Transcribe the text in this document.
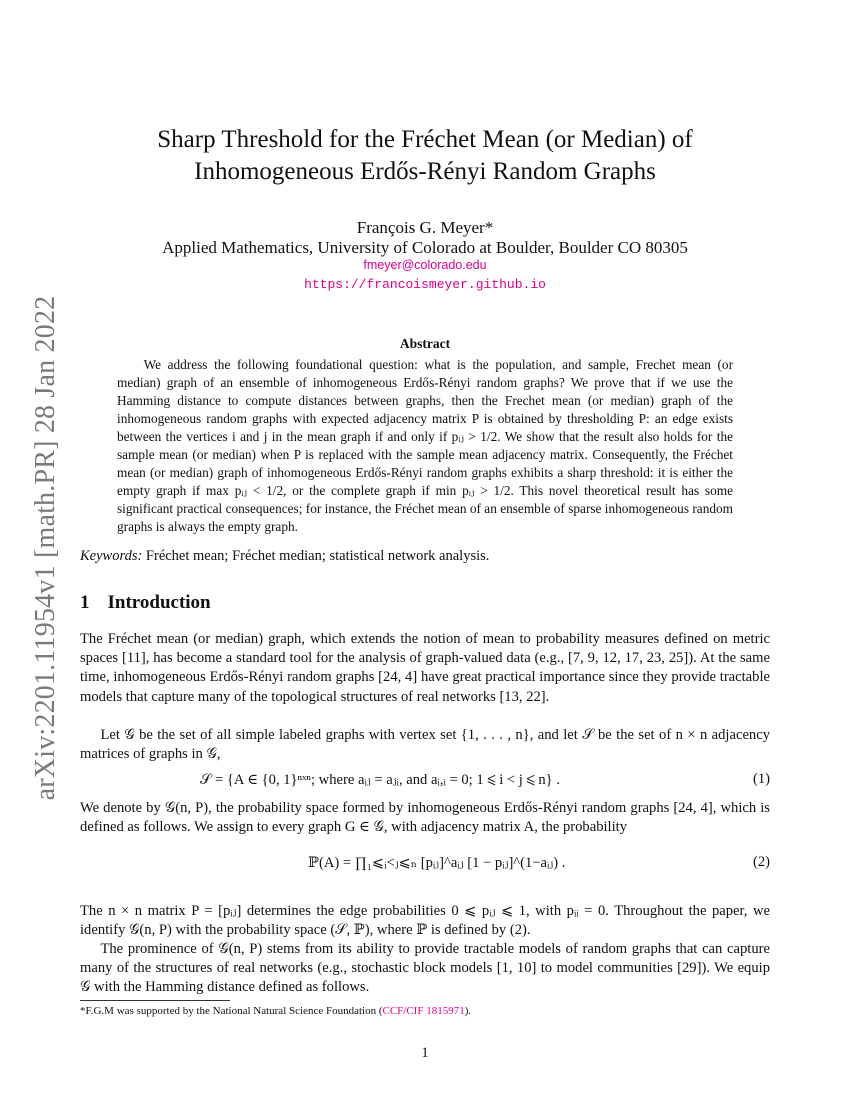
arXiv:2201.11954v1 [math.PR] 28 Jan 2022
Sharp Threshold for the Fréchet Mean (or Median) of
Inhomogeneous Erdős-Rényi Random Graphs
François G. Meyer*
Applied Mathematics, University of Colorado at Boulder, Boulder CO 80305
fmeyer@colorado.edu
https://francoismeyer.github.io
Abstract
We address the following foundational question: what is the population, and sample, Frechet mean (or median) graph of an ensemble of inhomogeneous Erdős-Rényi random graphs? We prove that if we use the Hamming distance to compute distances between graphs, then the Frechet mean (or median) graph of the inhomogeneous random graphs with expected adjacency matrix P is obtained by thresholding P: an edge exists between the vertices i and j in the mean graph if and only if pᵢⱼ > 1/2. We show that the result also holds for the sample mean (or median) when P is replaced with the sample mean adjacency matrix. Consequently, the Fréchet mean (or median) graph of inhomogeneous Erdős-Rényi random graphs exhibits a sharp threshold: it is either the empty graph if max pᵢⱼ < 1/2, or the complete graph if min pᵢⱼ > 1/2. This novel theoretical result has some significant practical consequences; for instance, the Fréchet mean of an ensemble of sparse inhomogeneous random graphs is always the empty graph.
Keywords: Fréchet mean; Fréchet median; statistical network analysis.
1 Introduction
The Fréchet mean (or median) graph, which extends the notion of mean to probability measures defined on metric spaces [11], has become a standard tool for the analysis of graph-valued data (e.g., [7, 9, 12, 17, 23, 25]). At the same time, inhomogeneous Erdős-Rényi random graphs [24, 4] have great practical importance since they provide tractable models that capture many of the topological structures of real networks [13, 22].
Let 𝒢 be the set of all simple labeled graphs with vertex set {1, . . . , n}, and let 𝒮 be the set of n × n adjacency matrices of graphs in 𝒢,
𝒮 = {A ∈ {0, 1}ⁿˣⁿ; where aᵢⱼ = aⱼᵢ, and aᵢ,ᵢ = 0; 1 ⩽ i < j ⩽ n} .	(1)
We denote by 𝒢(n, P), the probability space formed by inhomogeneous Erdős-Rényi random graphs [24, 4], which is defined as follows. We assign to every graph G ∈ 𝒢, with adjacency matrix A, the probability
ℙ(A) = ∏₁⩽ᵢ<ⱼ⩽ₙ [pᵢⱼ]^aᵢⱼ [1 − pᵢⱼ]^(1−aᵢⱼ) .	(2)
The n × n matrix P = [pᵢⱼ] determines the edge probabilities 0 ⩽ pᵢⱼ ⩽ 1, with pᵢᵢ = 0. Throughout the paper, we identify 𝒢(n, P) with the probability space (𝒮, ℙ), where ℙ is defined by (2).
The prominence of 𝒢(n, P) stems from its ability to provide tractable models of random graphs that can capture many of the structures of real networks (e.g., stochastic block models [1, 10] to model communities [29]). We equip 𝒢 with the Hamming distance defined as follows.
*F.G.M was supported by the National Natural Science Foundation (CCF/CIF 1815971).
1
